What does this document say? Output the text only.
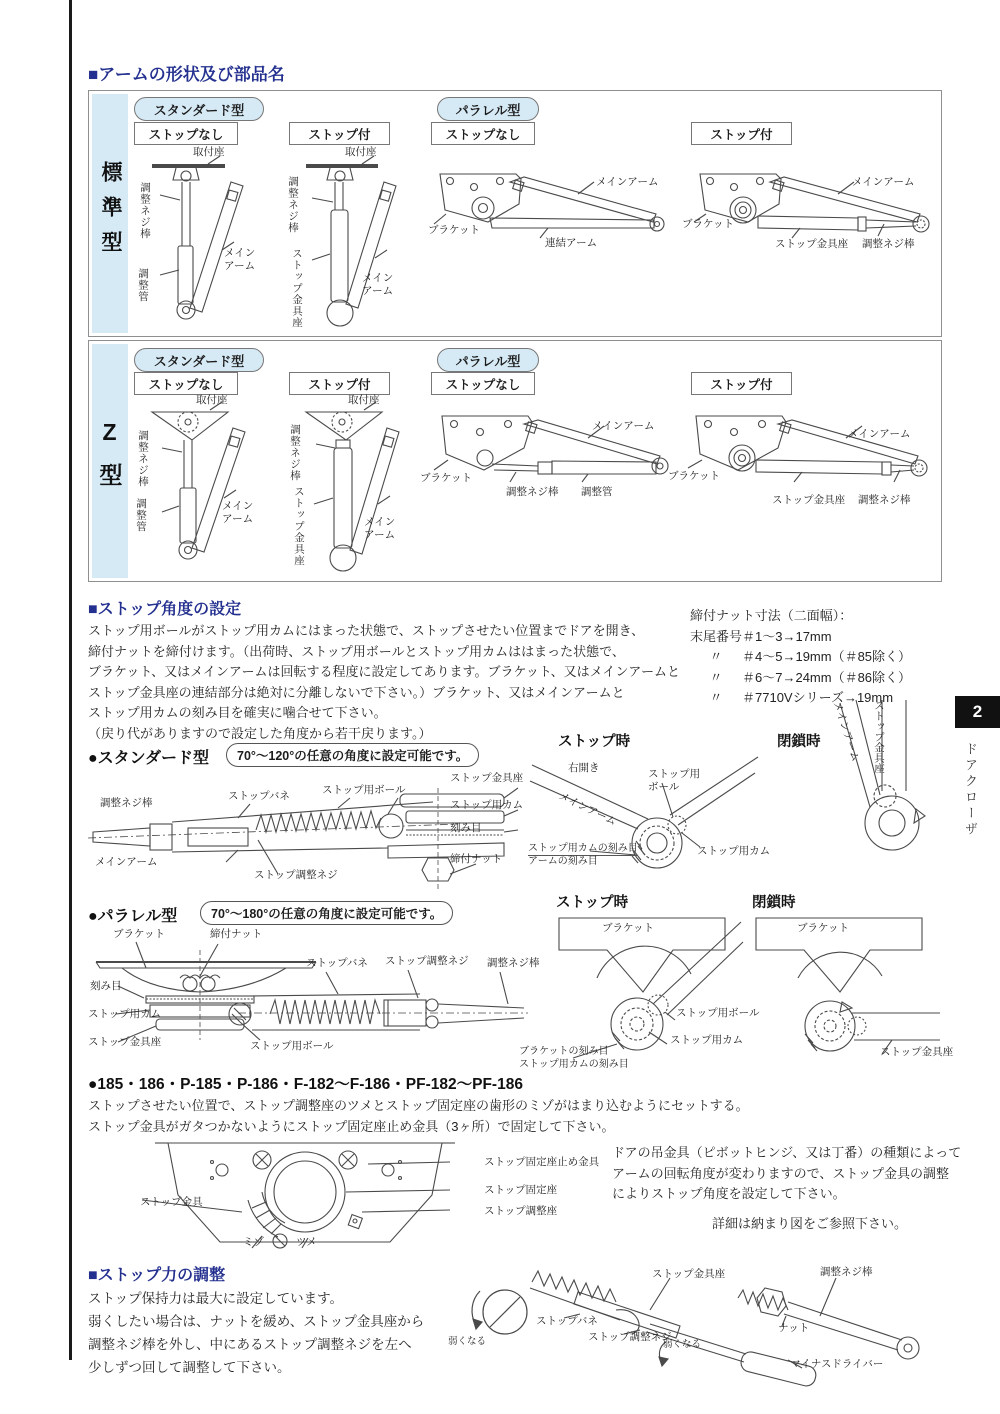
■アームの形状及び部品名
標準型
スタンダード型	パラレル型
ストップなし	ストップ付	ストップなし	ストップ付
取付座
調整ネジ棒
メインアーム
調整管
取付座
調整ネジ棒
ストップ金具座	メインアーム
メインアーム
ブラケット
連結アーム
メインアーム
ブラケット
ストップ金具座 調整ネジ棒
Z型
スタンダード型	パラレル型
ストップなし	ストップ付	ストップなし	ストップ付
取付座
調整ネジ棒
調整管	メインアーム
取付座
調整ネジ棒
ストップ金具座	メインアーム
ブラケット
メインアーム
調整ネジ棒 調整管
ブラケット
メインアーム
ストップ金具座 調整ネジ棒
■ストップ角度の設定
ストップ用ボールがストップ用カムにはまった状態で、ストップさせたい位置までドアを開き、
締付ナットを締付けます。（出荷時、ストップ用ボールとストップ用カムははまった状態で、
ブラケット、又はメインアームは回転する程度に設定してあります。ブラケット、又はメインアームと
ストップ金具座の連結部分は絶対に分離しないで下さい。）ブラケット、又はメインアームと
ストップ用カムの刻み目を確実に噛合せて下さい。
（戻り代がありますので設定した角度から若干戻ります。）
締付ナット寸法（二面幅）：
末尾番号＃1～3→17mm
〃	＃4～5→19mm（＃85除く）
〃	＃6～7→24mm（＃86除く）
〃	＃7710Vシリーズ→19mm
●スタンダード型	70°～120°の任意の角度に設定可能です。
調整ネジ棒
ストップバネ	ストップ用ボール
ストップ金具座
ストップ用カム
刻み目
締付ナット
メインアーム
ストップ調整ネジ
ストップ時
右開き	ストップ用ボール
メインアーム
ストップ用カムの刻み目
アームの刻み目
ストップ用カム
閉鎖時 メインアーム ストップ金具座
●パラレル型	70°～180°の任意の角度に設定可能です。
ブラケット	締付ナット
ストップバネ ストップ調整ネジ 調整ネジ棒
刻み目
ストップ用カム
ストップ金具座	ストップ用ボール
ストップ時
ブラケット
ストップ用ボール
ストップ用カム
ブラケットの刻み目
ストップ用カムの刻み目
閉鎖時
ブラケット
ストップ金具座
●185・186・P-185・P-186・F-182～F-186・PF-182～PF-186
ストップさせたい位置で、ストップ調整座のツメとストップ固定座の歯形のミゾがはまり込むようにセットする。
ストップ金具がガタつかないようにストップ固定座止め金具（3ヶ所）で固定して下さい。
ストップ固定座止め金具
ストップ固定座
ストップ調整座
ストップ金具
ミゾ	ツメ
ドアの吊金具（ピボットヒンジ、又は丁番）の種類によって
アームの回転角度が変わりますので、ストップ金具の調整
によりストップ角度を設定して下さい。
詳細は納まり図をご参照下さい。
■ストップ力の調整
ストップ保持力は最大に設定しています。
弱くしたい場合は、ナットを緩め、ストップ金具座から
調整ネジ棒を外し、中にあるストップ調整ネジを左へ
少しずつ回して調整して下さい。
弱くなる
ストップ金具座	調整ネジ棒
ストップバネ
ストップ調整ネジ
弱くなる
ナット
マイナスドライバー
2
ドアクローザ
